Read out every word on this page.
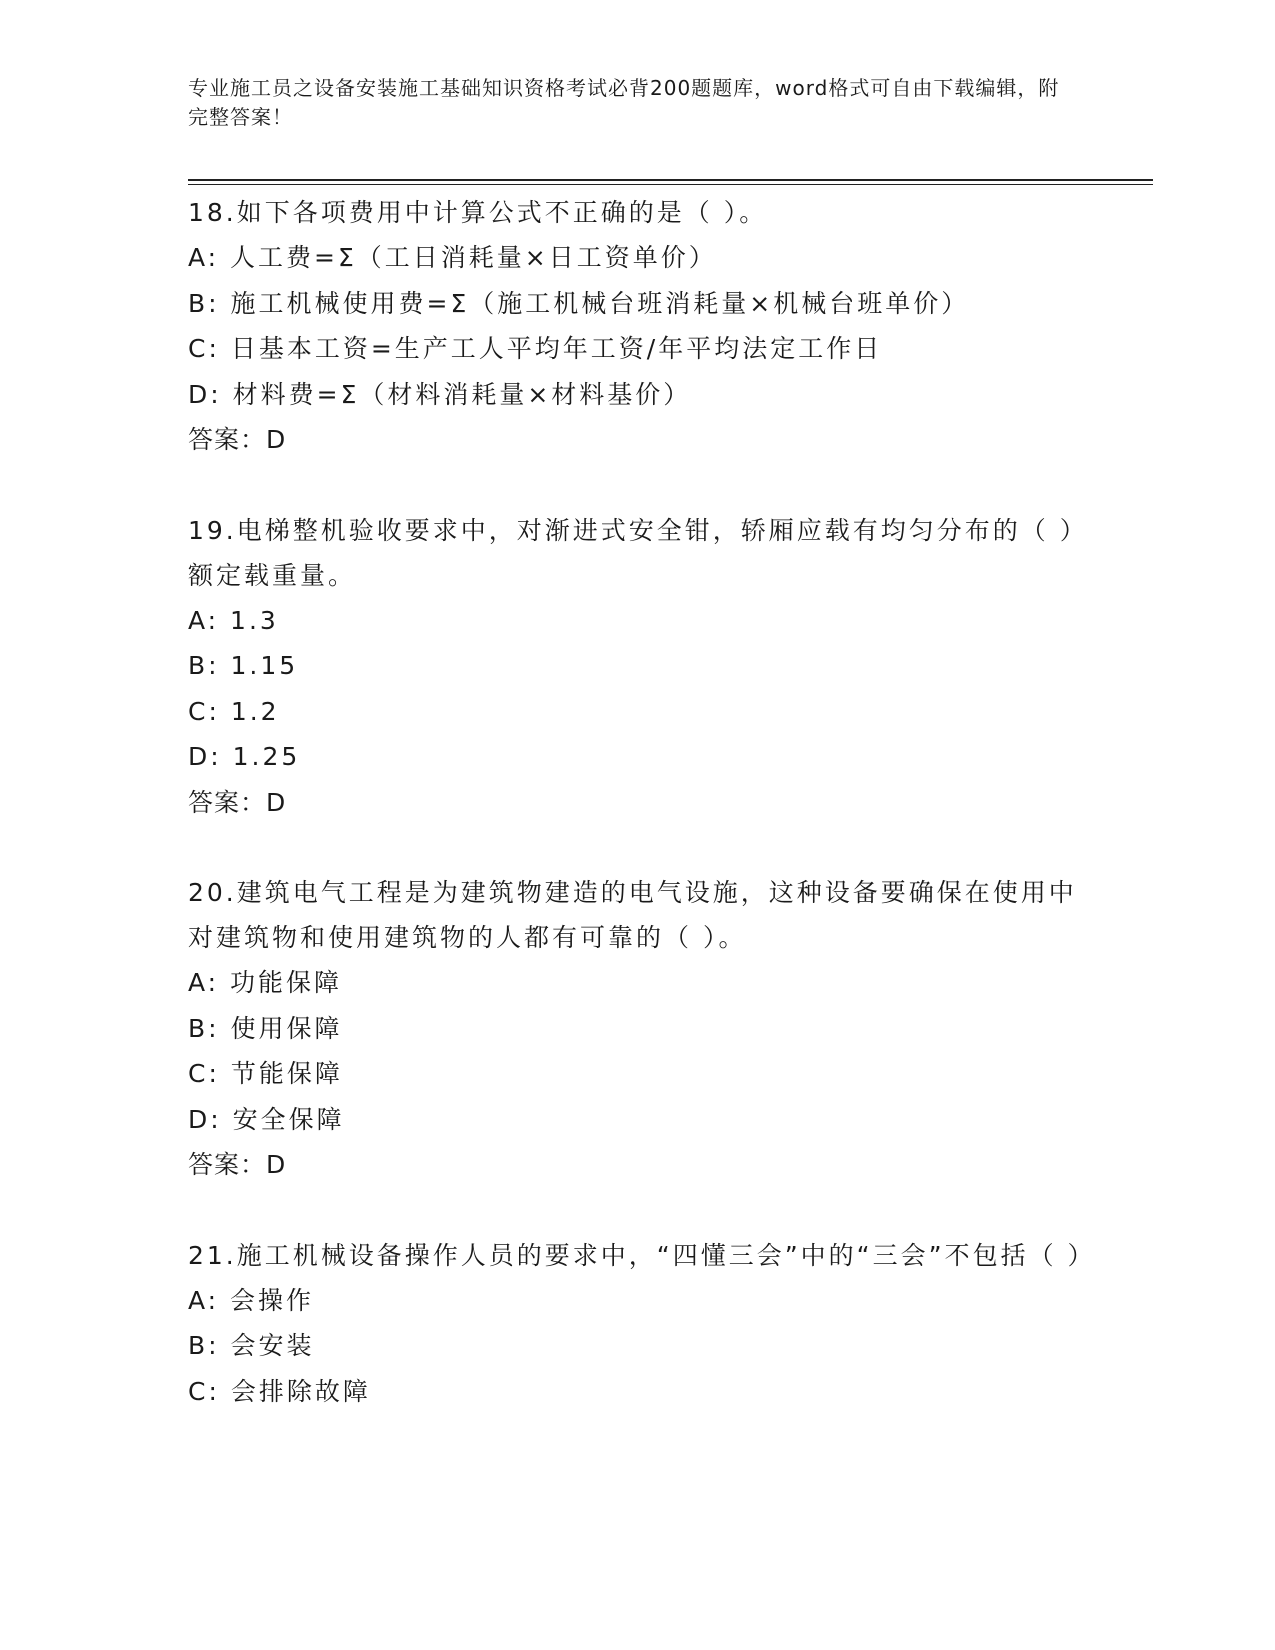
专业施工员之设备安装施工基础知识资格考试必背200题题库，word格式可自由下载编辑，附完整答案！

18.如下各项费用中计算公式不正确的是（ ）。

A: 人工费=Σ（工日消耗量×日工资单价）

B: 施工机械使用费=Σ（施工机械台班消耗量×机械台班单价）

C: 日基本工资=生产工人平均年工资/年平均法定工作日

D: 材料费=Σ（材料消耗量×材料基价）

答案：D

19.电梯整机验收要求中，对渐进式安全钳，轿厢应载有均匀分布的（ ）额定载重量。

A: 1.3

B: 1.15

C: 1.2

D: 1.25

答案：D

20.建筑电气工程是为建筑物建造的电气设施，这种设备要确保在使用中对建筑物和使用建筑物的人都有可靠的（ ）。

A: 功能保障

B: 使用保障

C: 节能保障

D: 安全保障

答案：D

21.施工机械设备操作人员的要求中，“四懂三会”中的“三会”不包括（ ）

A: 会操作

B: 会安装

C: 会排除故障
